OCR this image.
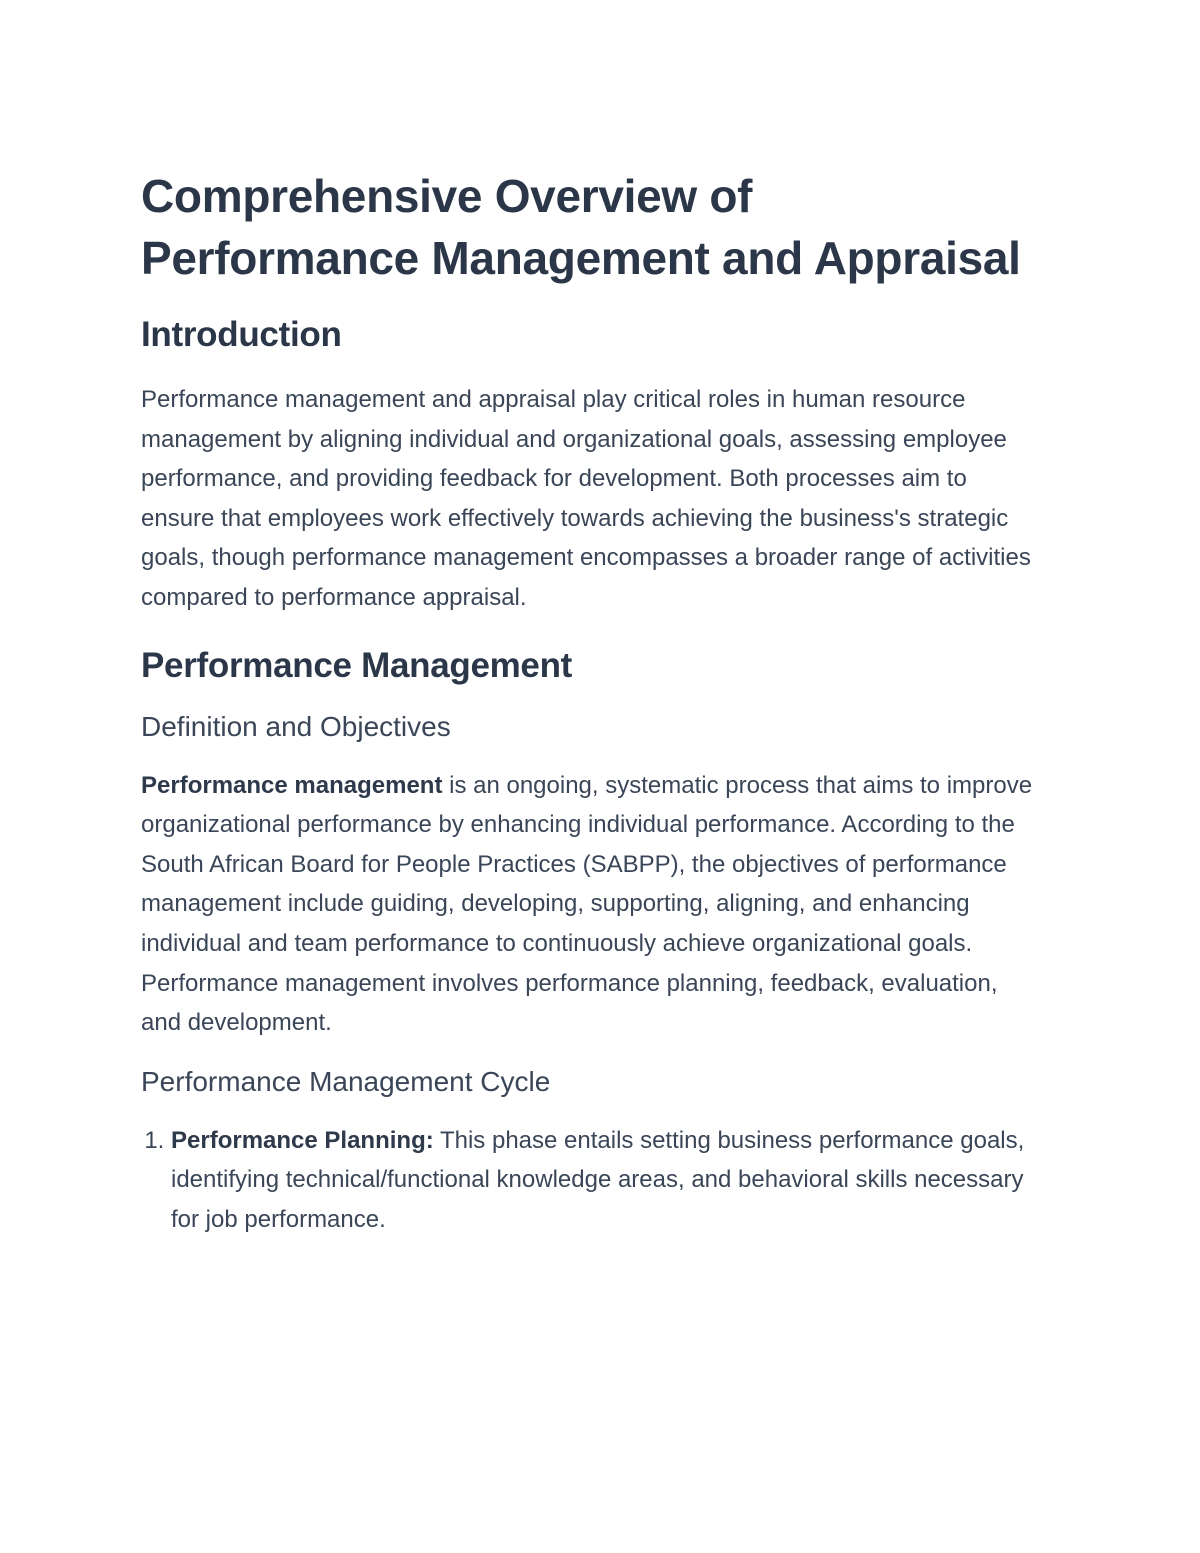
Comprehensive Overview of Performance Management and Appraisal
Introduction

Performance management and appraisal play critical roles in human resource management by aligning individual and organizational goals, assessing employee performance, and providing feedback for development. Both processes aim to ensure that employees work effectively towards achieving the business's strategic goals, though performance management encompasses a broader range of activities compared to performance appraisal.

Performance Management
Definition and Objectives

Performance management is an ongoing, systematic process that aims to improve organizational performance by enhancing individual performance. According to the South African Board for People Practices (SABPP), the objectives of performance management include guiding, developing, supporting, aligning, and enhancing individual and team performance to continuously achieve organizational goals. Performance management involves performance planning, feedback, evaluation, and development.

Performance Management Cycle
1. Performance Planning: This phase entails setting business performance goals, identifying technical/functional knowledge areas, and behavioral skills necessary for job performance.
